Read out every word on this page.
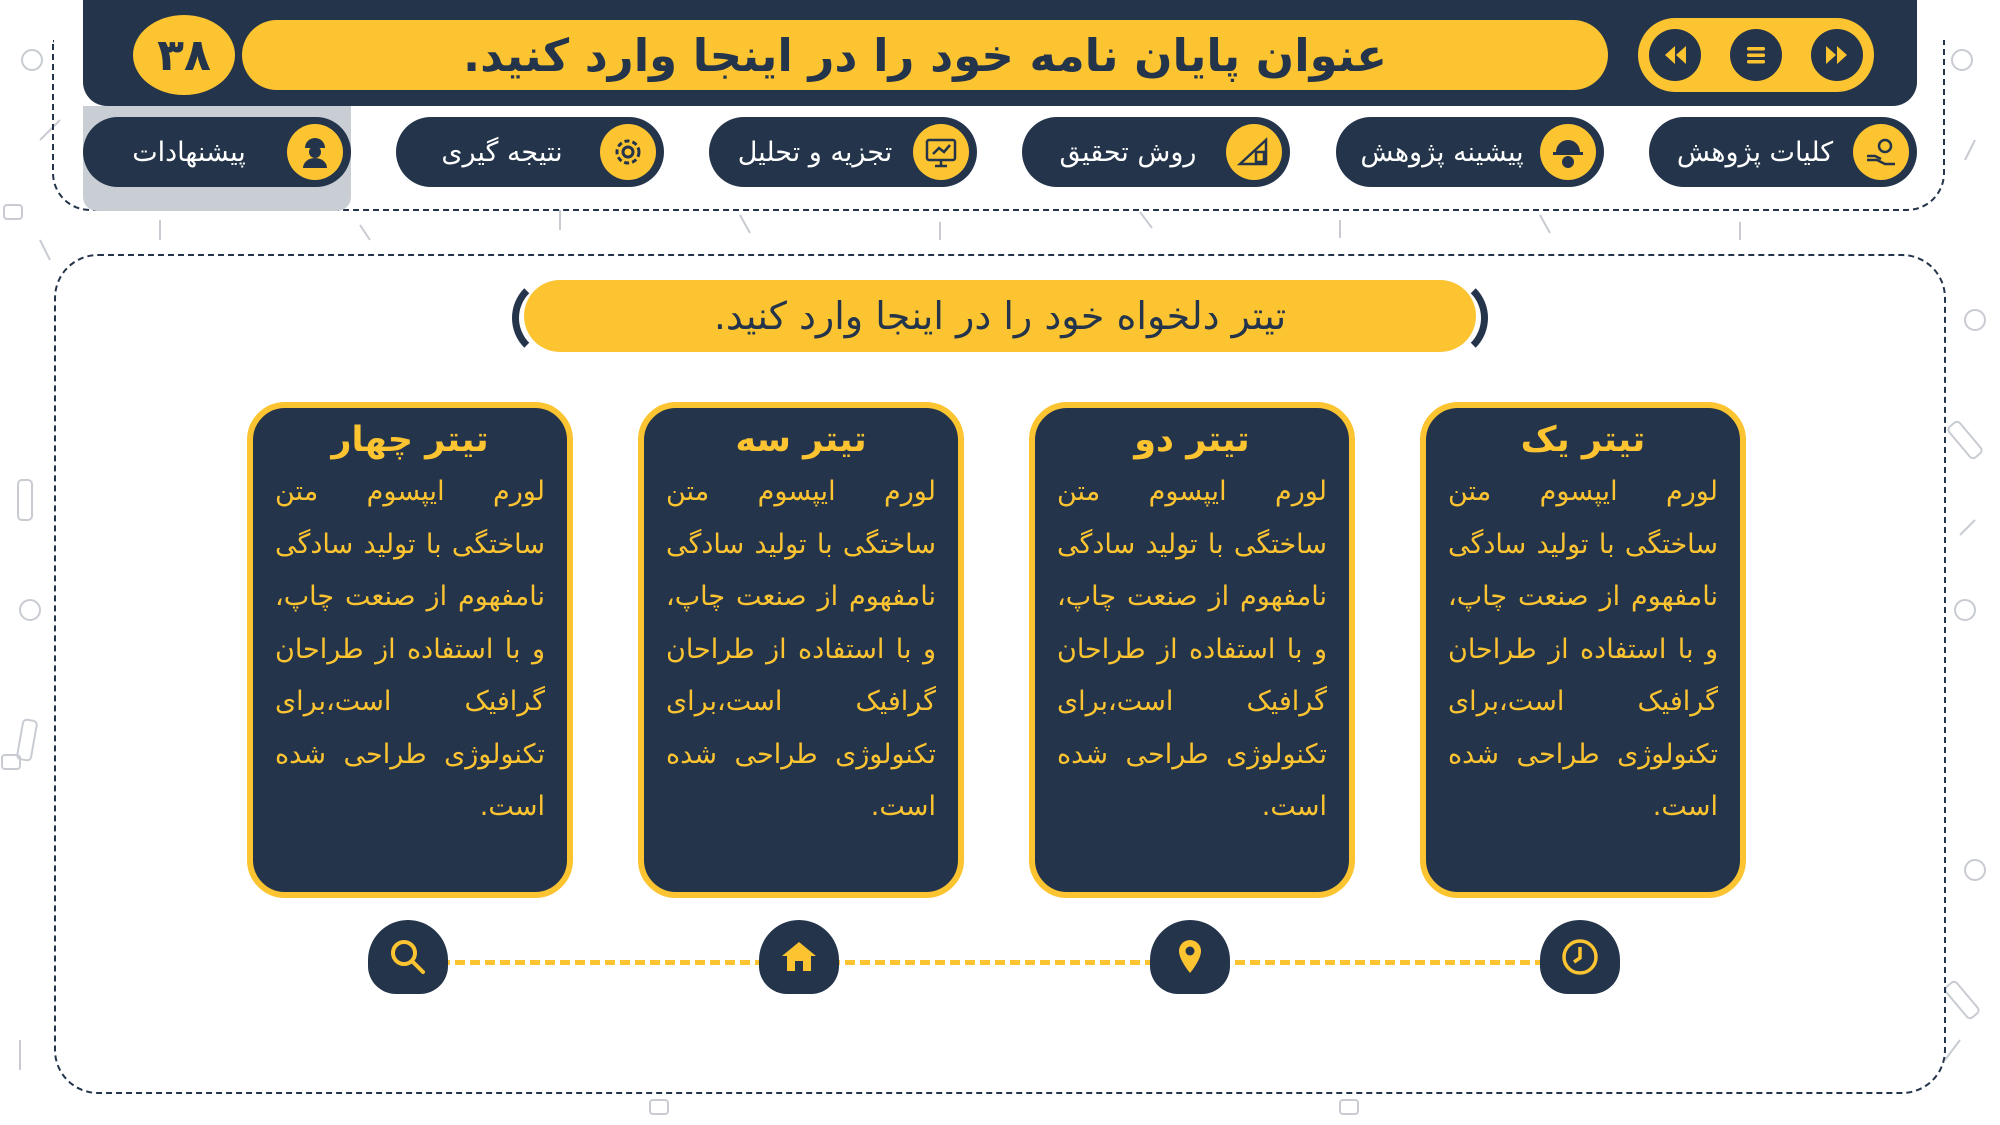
۳۸	عنوان پایان نامه خود را در اینجا وارد کنید.
کلیات پژوهش
پیشینه پژوهش
روش تحقیق
تجزیه و تحلیل
نتیجه گیری
پیشنهادات
تیتر دلخواه خود را در اینجا وارد کنید.
تیتر یک
لورم ایپسوم متن ساختگی با تولید سادگی نامفهوم از صنعت چاپ، و با استفاده از طراحان گرافیک است،برای تکنولوژی طراحی شده است.
تیتر دو
لورم ایپسوم متن ساختگی با تولید سادگی نامفهوم از صنعت چاپ، و با استفاده از طراحان گرافیک است،برای تکنولوژی طراحی شده است.
تیتر سه
لورم ایپسوم متن ساختگی با تولید سادگی نامفهوم از صنعت چاپ، و با استفاده از طراحان گرافیک است،برای تکنولوژی طراحی شده است.
تیتر چهار
لورم ایپسوم متن ساختگی با تولید سادگی نامفهوم از صنعت چاپ، و با استفاده از طراحان گرافیک است،برای تکنولوژی طراحی شده است.
